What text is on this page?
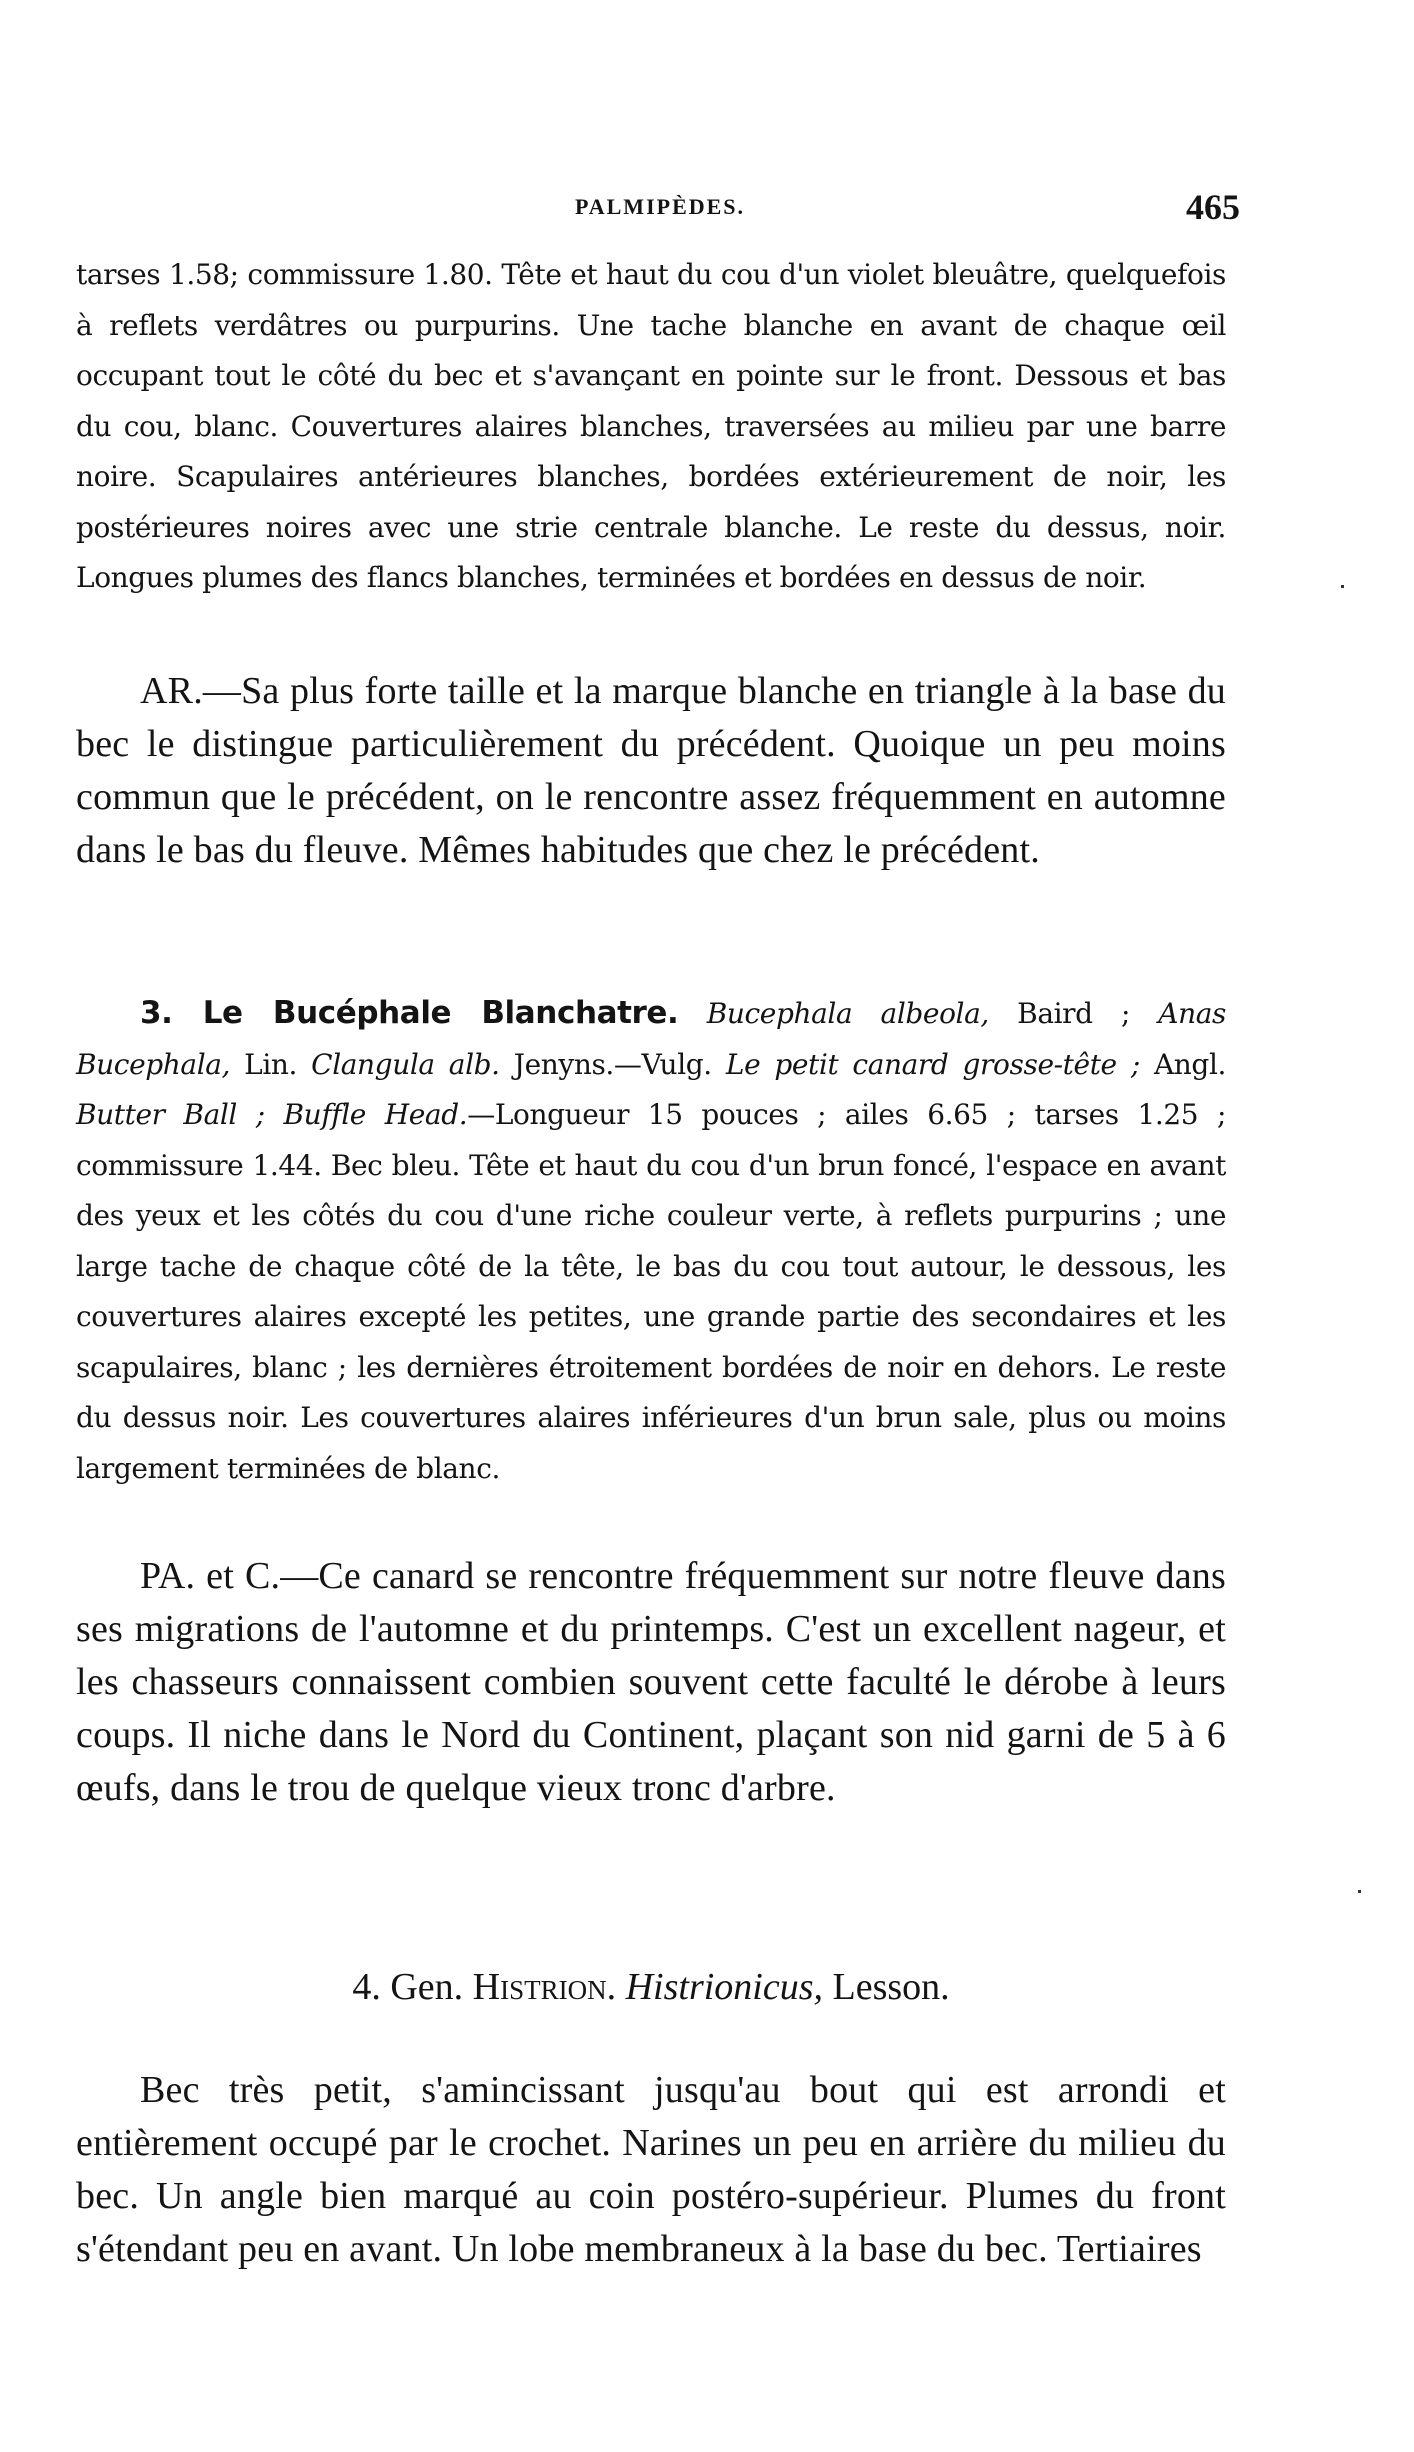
PALMIPÈDES.	465

tarses 1.58; commissure 1.80. Tête et haut du cou d'un violet bleuâtre, quelquefois à reflets verdâtres ou purpurins. Une tache blanche en avant de chaque œil occupant tout le côté du bec et s'avançant en pointe sur le front. Dessous et bas du cou, blanc. Couvertures alaires blanches, traversées au milieu par une barre noire. Scapulaires antérieures blanches, bordées extérieurement de noir, les postérieures noires avec une strie centrale blanche. Le reste du dessus, noir. Longues plumes des flancs blanches, terminées et bordées en dessus de noir.

AR.—Sa plus forte taille et la marque blanche en triangle à la base du bec le distingue particulièrement du précédent. Quoique un peu moins commun que le précédent, on le rencontre assez fréquemment en automne dans le bas du fleuve. Mêmes habitudes que chez le précédent.

3. Le Bucéphale Blanchatre. Bucephala albeola, Baird ; Anas Bucephala, Lin. Clangula alb. Jenyns.—Vulg. Le petit canard grosse-tête ; Angl. Butter Ball ; Buffle Head.—Longueur 15 pouces ; ailes 6.65 ; tarses 1.25 ; commissure 1.44. Bec bleu. Tête et haut du cou d'un brun foncé, l'espace en avant des yeux et les côtés du cou d'une riche couleur verte, à reflets purpurins ; une large tache de chaque côté de la tête, le bas du cou tout autour, le dessous, les couvertures alaires excepté les petites, une grande partie des secondaires et les scapulaires, blanc ; les dernières étroitement bordées de noir en dehors. Le reste du dessus noir. Les couvertures alaires inférieures d'un brun sale, plus ou moins largement terminées de blanc.

PA. et C.—Ce canard se rencontre fréquemment sur notre fleuve dans ses migrations de l'automne et du printemps. C'est un excellent nageur, et les chasseurs connaissent combien souvent cette faculté le dérobe à leurs coups. Il niche dans le Nord du Continent, plaçant son nid garni de 5 à 6 œufs, dans le trou de quelque vieux tronc d'arbre.

4. Gen. Histrion. Histrionicus, Lesson.

Bec très petit, s'amincissant jusqu'au bout qui est arrondi et entièrement occupé par le crochet. Narines un peu en arrière du milieu du bec. Un angle bien marqué au coin postéro-supérieur. Plumes du front s'étendant peu en avant. Un lobe membraneux à la base du bec. Tertiaires
